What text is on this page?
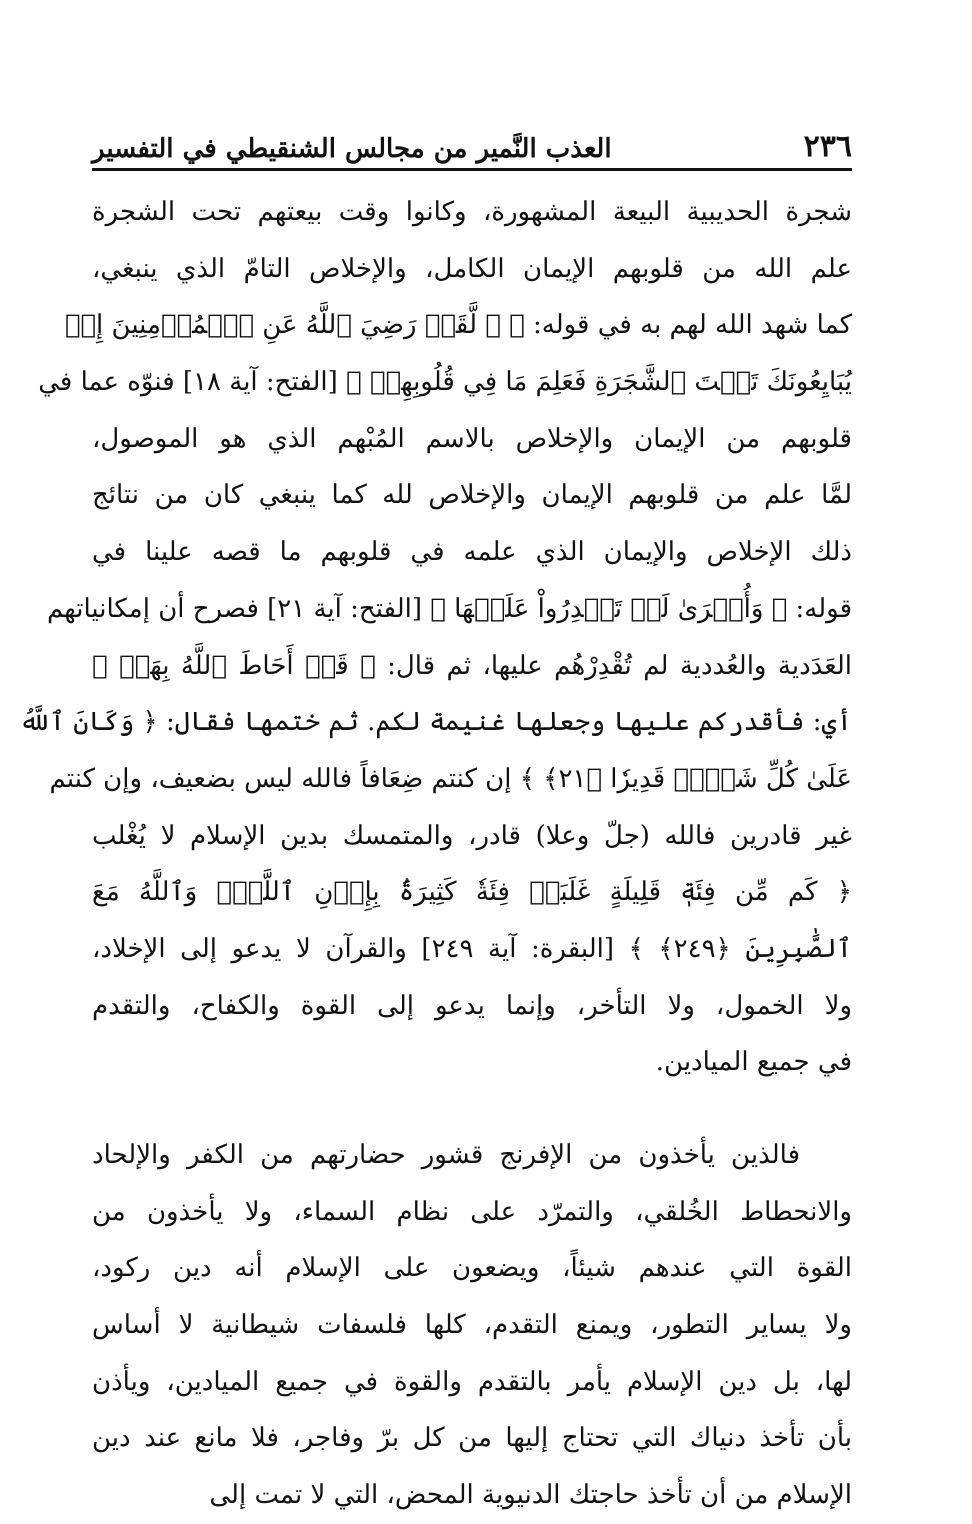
العذب النَّمير من مجالس الشنقيطي في التفسير	٢٣٦
شجرة الحديبية البيعة المشهورة، وكانوا وقت بيعتهم تحت الشجرة
علم الله من قلوبهم الإيمان الكامل، والإخلاص التامّ الذي ينبغي،
كما شهد الله لهم به في قوله: ﴿ ۞ لَّقَدۡ رَضِيَ ٱللَّهُ عَنِ ٱلۡمُؤۡمِنِينَ إِذۡ
يُبَايِعُونَكَ تَحۡتَ ٱلشَّجَرَةِ فَعَلِمَ مَا فِي قُلُوبِهِمۡ ﴾ [الفتح: آية ١٨] فنوّه عما في
قلوبهم من الإيمان والإخلاص بالاسم المُبْهم الذي هو الموصول،
لمَّا علم من قلوبهم الإيمان والإخلاص لله كما ينبغي كان من نتائج
ذلك الإخلاص والإيمان الذي علمه في قلوبهم ما قصه علينا في
قوله: ﴿ وَأُخۡرَىٰ لَمۡ تَقۡدِرُواْ عَلَيۡهَا ﴾ [الفتح: آية ٢١] فصرح أن إمكانياتهم
العَدَدية والعُددية لم تُقْدِرْهُم عليها، ثم قال: ﴿ قَدۡ أَحَاطَ ٱللَّهُ بِهَاۚ ﴾
أي: فأقدركم عليها وجعلها غنيمة لكم. ثم ختمها فقال: ﴿ وَكَانَ ٱللَّهُ
عَلَىٰ كُلِّ شَيۡءٖ قَدِيرٗا ﴿٢١﴾ ﴾ إن كنتم ضِعَافاً فالله ليس بضعيف، وإن كنتم
غير قادرين فالله (جلّ وعلا) قادر، والمتمسك بدين الإسلام لا يُغْلب
﴿ كَم مِّن فِئَةٖ قَلِيلَةٍ غَلَبَتۡ فِئَةٗ كَثِيرَةَۢ بِإِذۡنِ ٱللَّهِۗ وَٱللَّهُ مَعَ
ٱلصَّٰبِرِينَ ﴿٢٤٩﴾ ﴾ [البقرة: آية ٢٤٩] والقرآن لا يدعو إلى الإخلاد،
ولا الخمول، ولا التأخر، وإنما يدعو إلى القوة والكفاح، والتقدم
في جميع الميادين.
فالذين يأخذون من الإفرنج قشور حضارتهم من الكفر والإلحاد
والانحطاط الخُلقي، والتمرّد على نظام السماء، ولا يأخذون من
القوة التي عندهم شيئاً، ويضعون على الإسلام أنه دين ركود،
ولا يساير التطور، ويمنع التقدم، كلها فلسفات شيطانية لا أساس
لها، بل دين الإسلام يأمر بالتقدم والقوة في جميع الميادين، ويأذن
بأن تأخذ دنياك التي تحتاج إليها من كل برّ وفاجر، فلا مانع عند دين
الإسلام من أن تأخذ حاجتك الدنيوية المحض، التي لا تمت إلى
